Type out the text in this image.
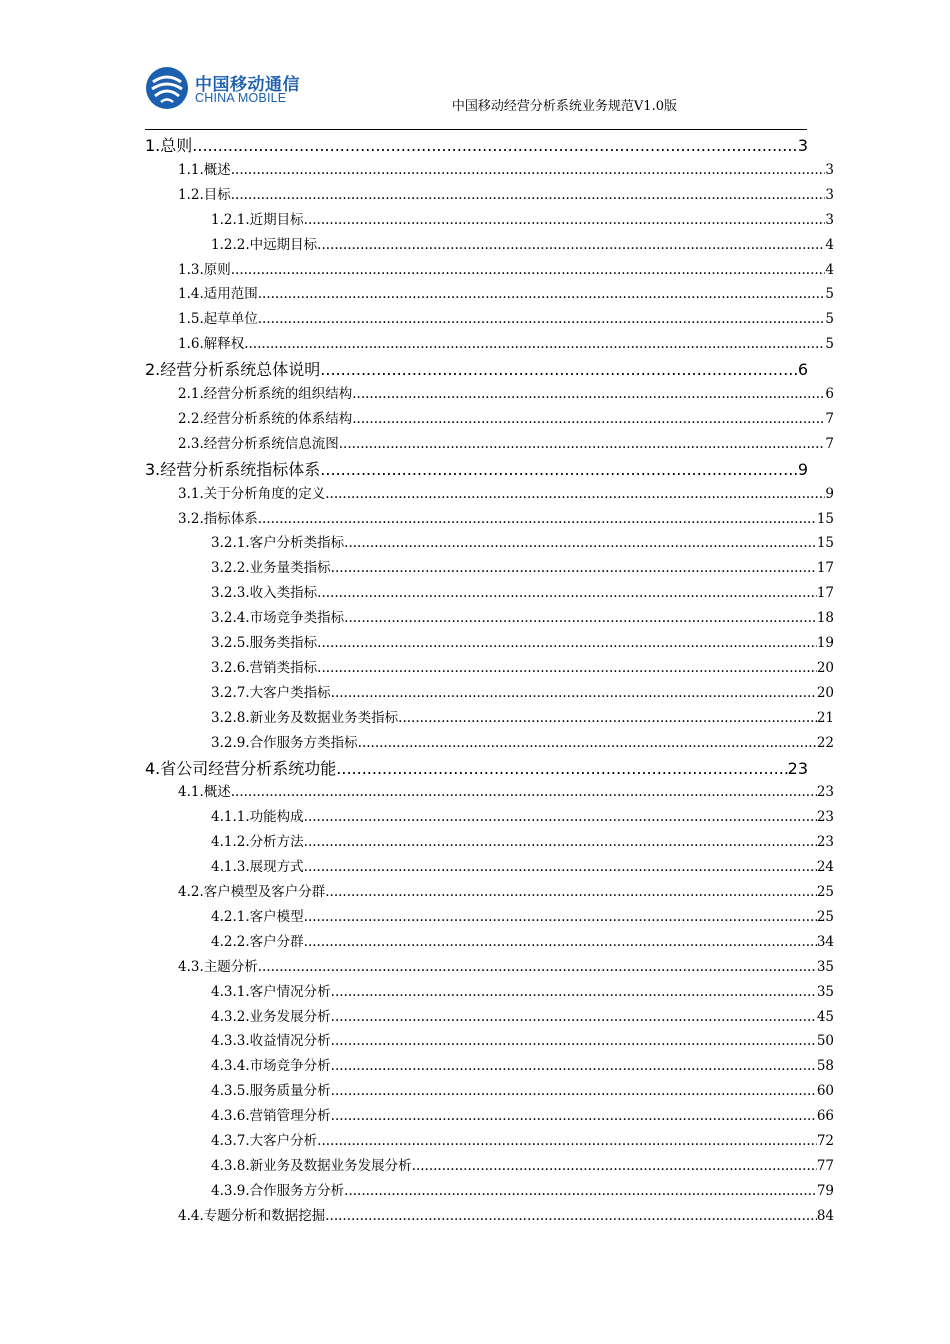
中国移动通信
CHINA MOBILE
中国移动经营分析系统业务规范V1.0版
1. 总则 .....	3
1.1. 概述 .....	3
1.2. 目标 .....	3
1.2.1. 近期目标 .....	3
1.2.2. 中远期目标 .....	4
1.3. 原则 .....	4
1.4. 适用范围 .....	5
1.5. 起草单位 .....	5
1.6. 解释权 .....	5
2. 经营分析系统总体说明 .....	6
2.1. 经营分析系统的组织结构 .....	6
2.2. 经营分析系统的体系结构 .....	7
2.3. 经营分析系统信息流图 .....	7
3. 经营分析系统指标体系 .....	9
3.1. 关于分析角度的定义 .....	9
3.2. 指标体系 .....	15
3.2.1. 客户分析类指标 .....	15
3.2.2. 业务量类指标 .....	17
3.2.3. 收入类指标 .....	17
3.2.4. 市场竞争类指标 .....	18
3.2.5. 服务类指标 .....	19
3.2.6. 营销类指标 .....	20
3.2.7. 大客户类指标 .....	20
3.2.8. 新业务及数据业务类指标 .....	21
3.2.9. 合作服务方类指标 .....	22
4. 省公司经营分析系统功能 .....	23
4.1. 概述 .....	23
4.1.1. 功能构成 .....	23
4.1.2. 分析方法 .....	23
4.1.3. 展现方式 .....	24
4.2. 客户模型及客户分群 .....	25
4.2.1. 客户模型 .....	25
4.2.2. 客户分群 .....	34
4.3. 主题分析 .....	35
4.3.1. 客户情况分析 .....	35
4.3.2. 业务发展分析 .....	45
4.3.3. 收益情况分析 .....	50
4.3.4. 市场竞争分析 .....	58
4.3.5. 服务质量分析 .....	60
4.3.6. 营销管理分析 .....	66
4.3.7. 大客户分析 .....	72
4.3.8. 新业务及数据业务发展分析 .....	77
4.3.9. 合作服务方分析 .....	79
4.4. 专题分析和数据挖掘 .....	84
